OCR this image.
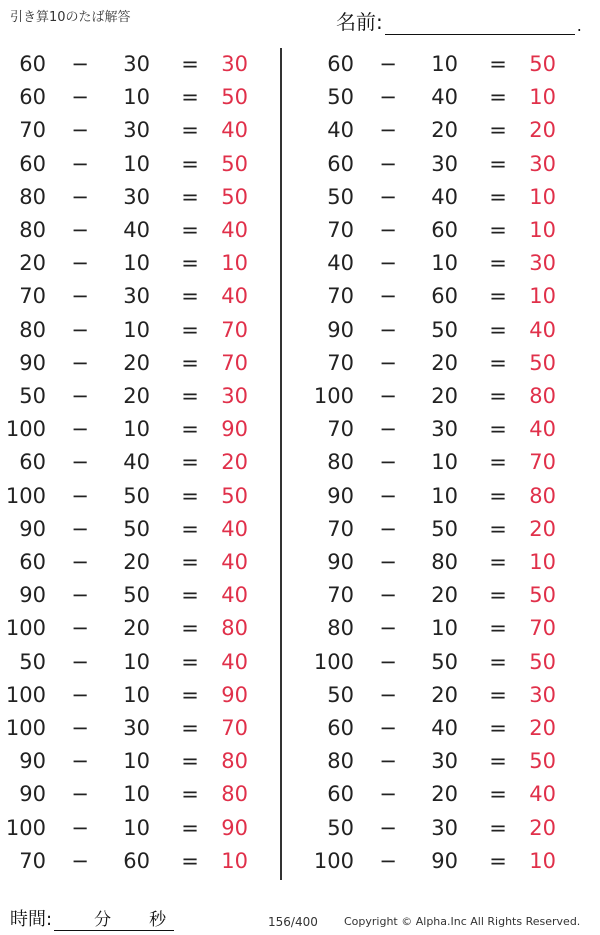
引き算10のたば解答	名前:	.
60 −	30 =	30
60 −	10 =	50
70 −	30 =	40
60 −	10 =	50
80 −	30 =	50
80 −	40 =	40
20 −	10 =	10
70 −	30 =	40
80 −	10 =	70
90 −	20 =	70
50 −	20 =	30
100 −	10 =	90
60 −	40 =	20
100 −	50 =	50
90 −	50 =	40
60 −	20 =	40
90 −	50 =	40
100 −	20 =	80
50 −	10 =	40
100 −	10 =	90
100 −	30 =	70
90 −	10 =	80
90 −	10 =	80
100 −	10 =	90
70 −	60 =	10
60 −	10 =	50
50 −	40 =	10
40 −	20 =	20
60 −	30 =	30
50 −	40 =	10
70 −	60 =	10
40 −	10 =	30
70 −	60 =	10
90 −	50 =	40
70 −	20 =	50
100 −	20 =	80
70 −	30 =	40
80 −	10 =	70
90 −	10 =	80
70 −	50 =	20
90 −	80 =	10
70 −	20 =	50
80 −	10 =	70
100 −	50 =	50
50 −	20 =	30
60 −	40 =	20
80 −	30 =	50
60 −	20 =	40
50 −	30 =	20
100 −	90 =	10
時間: 分 秒	156/400 Copyright © Alpha.Inc All Rights Reserved.
